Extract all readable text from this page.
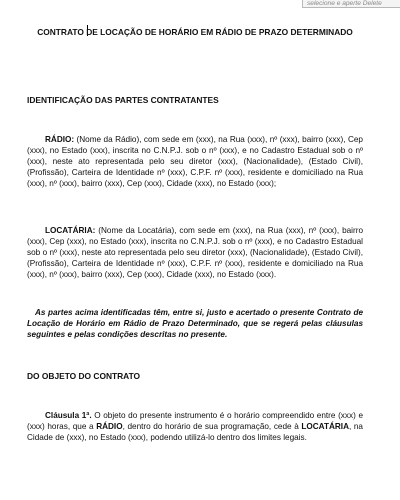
selecione e aperte Delete
CONTRATO DE LOCAÇÃO DE HORÁRIO EM RÁDIO DE PRAZO DETERMINADO
IDENTIFICAÇÃO DAS PARTES CONTRATANTES
RÁDIO: (Nome da Rádio), com sede em (xxx), na Rua (xxx), nº (xxx), bairro (xxx), Cep (xxx), no Estado (xxx), inscrita no C.N.P.J. sob o nº (xxx), e no Cadastro Estadual sob o nº (xxx), neste ato representada pelo seu diretor (xxx), (Nacionalidade), (Estado Civil), (Profissão), Carteira de Identidade nº (xxx), C.P.F. nº (xxx), residente e domiciliado na Rua (xxx), nº (xxx), bairro (xxx), Cep (xxx), Cidade (xxx), no Estado (xxx);
LOCATÁRIA: (Nome da Locatária), com sede em (xxx), na Rua (xxx), nº (xxx), bairro (xxx), Cep (xxx), no Estado (xxx), inscrita no C.N.P.J. sob o nº (xxx), e no Cadastro Estadual sob o nº (xxx), neste ato representada pelo seu diretor (xxx), (Nacionalidade), (Estado Civil), (Profissão), Carteira de Identidade nº (xxx), C.P.F. nº (xxx), residente e domiciliado na Rua (xxx), nº (xxx), bairro (xxx), Cep (xxx), Cidade (xxx), no Estado (xxx).
As partes acima identificadas têm, entre si, justo e acertado o presente Contrato de Locação de Horário em Rádio de Prazo Determinado, que se regerá pelas cláusulas seguintes e pelas condições descritas no presente.
DO OBJETO DO CONTRATO
Cláusula 1ª. O objeto do presente instrumento é o horário compreendido entre (xxx) e (xxx) horas, que a RÁDIO, dentro do horário de sua programação, cede à LOCATÁRIA, na Cidade de (xxx), no Estado (xxx), podendo utilizá-lo dentro dos limites legais.
